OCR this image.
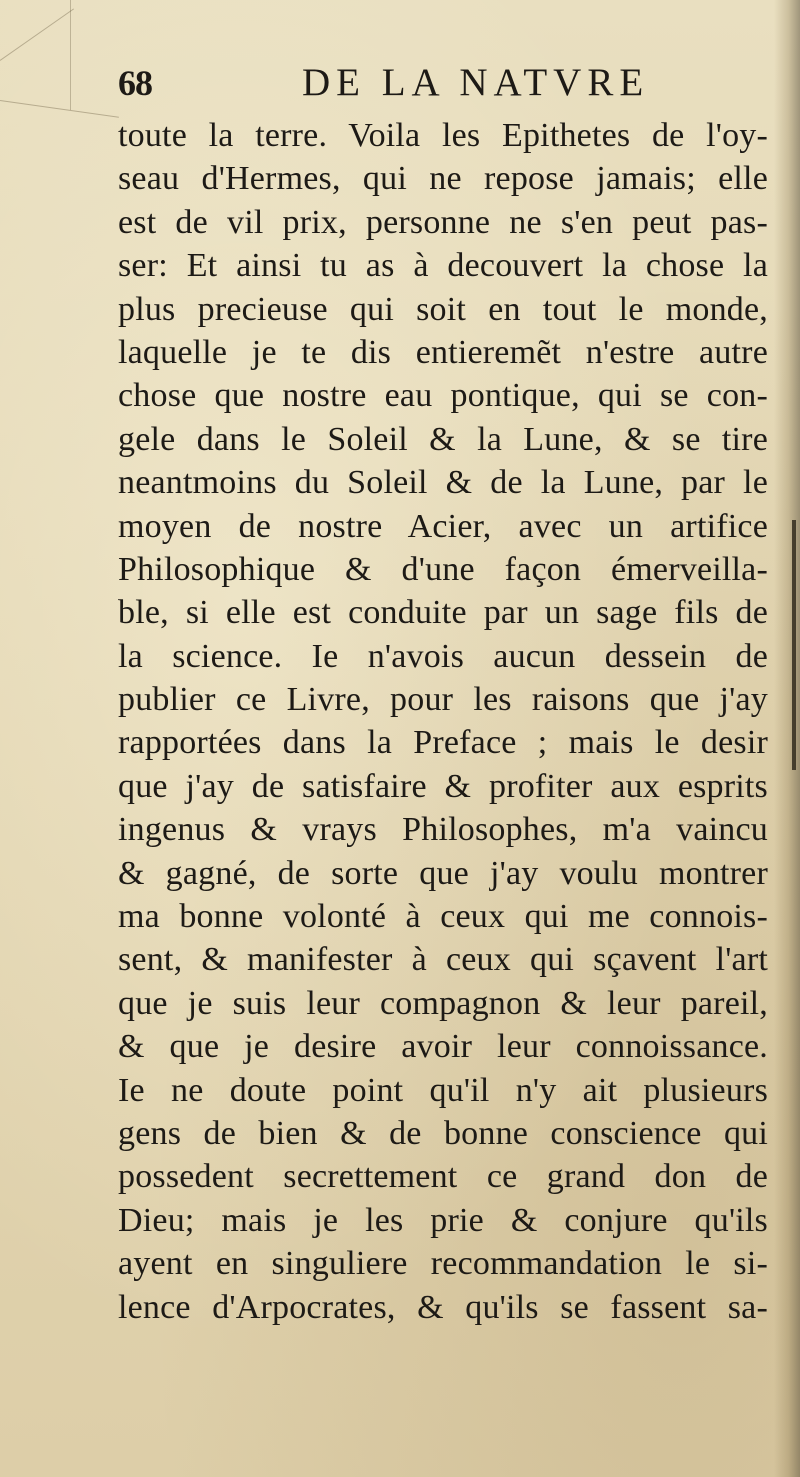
68	DE LA NATVRE
toute la terre. Voila les Epithetes de l'oy-
seau d'Hermes, qui ne repose jamais; elle
est de vil prix, personne ne s'en peut pas-
ser: Et ainsi tu as à decouvert la chose la
plus precieuse qui soit en tout le monde,
laquelle je te dis entieremẽt n'estre autre
chose que nostre eau pontique, qui se con-
gele dans le Soleil & la Lune, & se tire
neantmoins du Soleil & de la Lune, par le
moyen de nostre Acier, avec un artifice
Philosophique & d'une façon émerveilla-
ble, si elle est conduite par un sage fils de
la science. Ie n'avois aucun dessein de
publier ce Livre, pour les raisons que j'ay
rapportées dans la Preface ; mais le desir
que j'ay de satisfaire & profiter aux esprits
ingenus & vrays Philosophes, m'a vaincu
& gagné, de sorte que j'ay voulu montrer
ma bonne volonté à ceux qui me connois-
sent, & manifester à ceux qui sçavent l'art
que je suis leur compagnon & leur pareil,
& que je desire avoir leur connoissance.
Ie ne doute point qu'il n'y ait plusieurs
gens de bien & de bonne conscience qui
possedent secrettement ce grand don de
Dieu; mais je les prie & conjure qu'ils
ayent en singuliere recommandation le si-
lence d'Arpocrates, & qu'ils se fassent sa-
